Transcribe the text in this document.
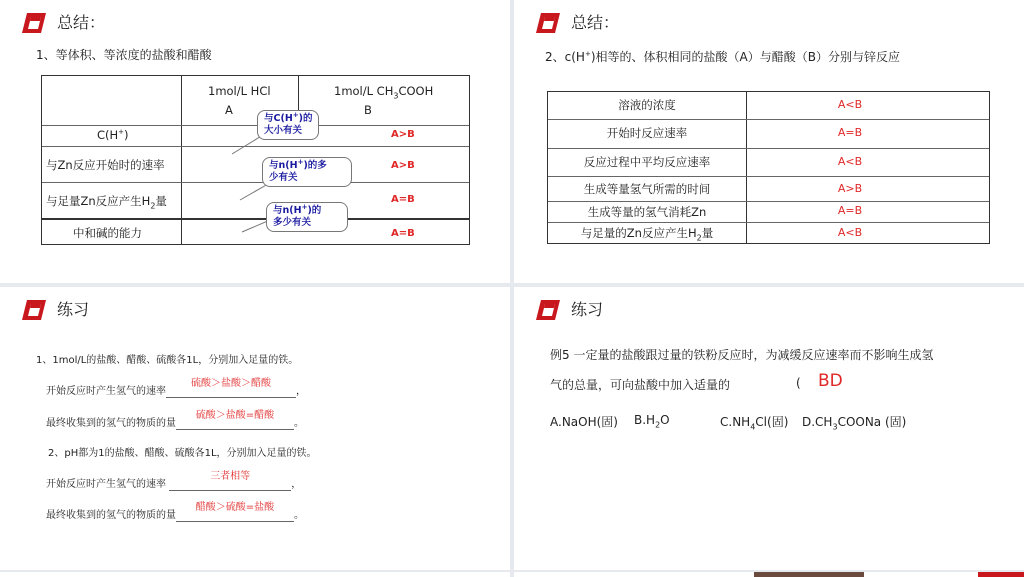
总结：
1、等体积、等浓度的盐酸和醋酸
1mol/L HCl
A
1mol/L $CH_3COOH$
B
C(H+)
与Zn反应开始时的速率
与足量Zn反应产生$H_2$量
中和碱的能力
A>B
A>B
A=B
A=B
与C(H+)的
大小有关
与n(H+)的多
少有关
与n(H+)的
多少有关
总结：
2、c(H+)相等的、体积相同的盐酸（A）与醋酸（B）分别与锌反应
溶液的浓度
开始时反应速率
反应过程中平均反应速率
生成等量氢气所需的时间
生成等量的氢气消耗Zn
与足量的Zn反应产生$H_2$量
A<B
A=B
A<B
A>B
A=B
A<B
练习
1、1mol/L的盐酸、醋酸、硫酸各1L，分别加入足量的铁。
开始反应时产生氢气的速率
硫酸＞盐酸＞醋酸
，
最终收集到的氢气的物质的量
硫酸＞盐酸=醋酸
。
2、pH都为1的盐酸、醋酸、硫酸各1L，分别加入足量的铁。
开始反应时产生氢气的速率
三者相等
，
最终收集到的氢气的物质的量
醋酸＞硫酸=盐酸
。
练习
例5 一定量的盐酸跟过量的铁粉反应时，为减缓反应速率而不影响生成氢
气的总量，可向盐酸中加入适量的	( BD
A.NaOH(固) $B.H_2O$	$C.NH_4Cl$(固) $D.CH_3COONa$ (固)
